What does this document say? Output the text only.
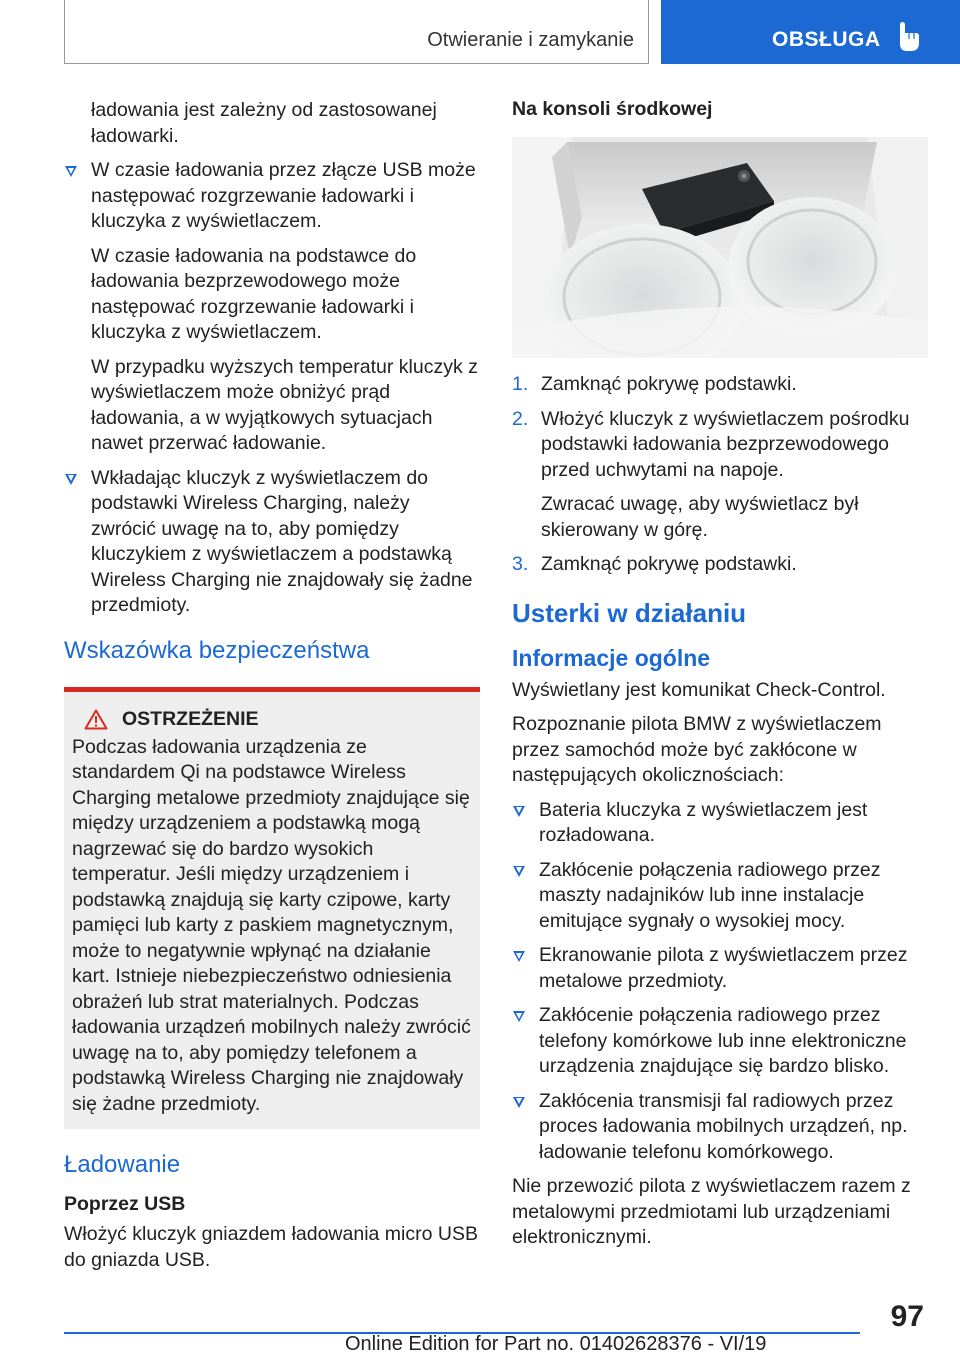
Otwieranie i zamykanie	OBSŁUGA

ładowania jest zależny od zastosowanej ładowarki.

W czasie ładowania przez złącze USB może następować rozgrzewanie ładowarki i kluczyka z wyświetlaczem.

W czasie ładowania na podstawce do ładowania bezprzewodowego może następować rozgrzewanie ładowarki i kluczyka z wyświetlaczem.

W przypadku wyższych temperatur kluczyk z wyświetlaczem może obniżyć prąd ładowania, a w wyjątkowych sytuacjach nawet przerwać ładowanie.

Wkładając kluczyk z wyświetlaczem do podstawki Wireless Charging, należy zwrócić uwagę na to, aby pomiędzy kluczykiem z wyświetlaczem a podstawką Wireless Charging nie znajdowały się żadne przedmioty.
Wskazówka bezpieczeństwa
OSTRZEŻENIE

Podczas ładowania urządzenia ze standardem Qi na podstawce Wireless Charging metalowe przedmioty znajdujące się między urządzeniem a podstawką mogą nagrzewać się do bardzo wysokich temperatur. Jeśli między urządzeniem i podstawką znajdują się karty czipowe, karty pamięci lub karty z paskiem magnetycznym, może to negatywnie wpłynąć na działanie kart. Istnieje niebezpieczeństwo odniesienia obrażeń lub strat materialnych. Podczas ładowania urządzeń mobilnych należy zwrócić uwagę na to, aby pomiędzy telefonem a podstawką Wireless Charging nie znajdowały się żadne przedmioty.

Ładowanie
Poprzez USB

Włożyć kluczyk gniazdem ładowania micro USB do gniazda USB.

Na konsoli środkowej
1. Zamknąć pokrywę podstawki.
2. Włożyć kluczyk z wyświetlaczem pośrodku podstawki ładowania bezprzewodowego przed uchwytami na napoje.

Zwracać uwagę, aby wyświetlacz był skierowany w górę.

3. Zamknąć pokrywę podstawki.
Usterki w działaniu
Informacje ogólne

Wyświetlany jest komunikat Check-Control.

Rozpoznanie pilota BMW z wyświetlaczem przez samochód może być zakłócone w następujących okolicznościach:

Bateria kluczyka z wyświetlaczem jest rozładowana.
Zakłócenie połączenia radiowego przez maszty nadajników lub inne instalacje emitujące sygnały o wysokiej mocy.
Ekranowanie pilota z wyświetlaczem przez metalowe przedmioty.
Zakłócenie połączenia radiowego przez telefony komórkowe lub inne elektroniczne urządzenia znajdujące się bardzo blisko.
Zakłócenia transmisji fal radiowych przez proces ładowania mobilnych urządzeń, np. ładowanie telefonu komórkowego.

Nie przewozić pilota z wyświetlaczem razem z metalowymi przedmiotami lub urządzeniami elektronicznymi.

97
Online Edition for Part no. 01402628376 - VI/19
